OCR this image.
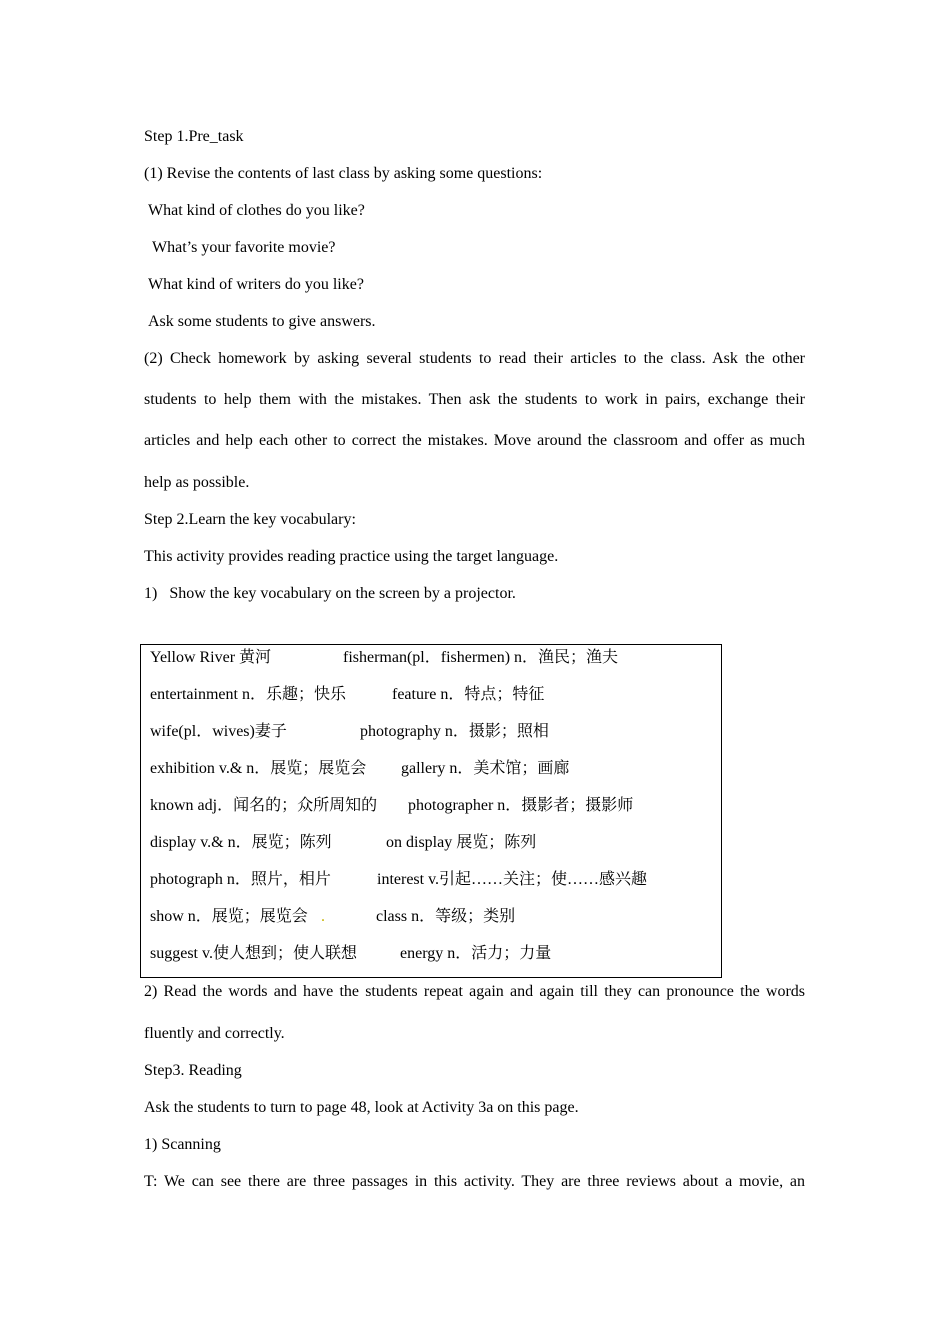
Step 1.Pre_task
(1) Revise the contents of last class by asking some questions:
What kind of clothes do you like?
What’s your favorite movie?
What kind of writers do you like?
Ask some students to give answers.
(2) Check homework by asking several students to read their articles to the class. Ask the other
students to help them with the mistakes. Then ask the students to work in pairs, exchange their
articles and help each other to correct the mistakes. Move around the classroom and offer as much
help as possible.
Step 2.Learn the key vocabulary:
This activity provides reading practice using the target language.
1)   Show the key vocabulary on the screen by a projector.
Yellow River 黄河	fisherman(pl．fishermen) n．渔民；渔夫
entertainment n．乐趣；快乐	feature n．特点；特征
wife(pl．wives)妻子	photography n．摄影；照相
exhibition v.& n．展览；展览会 gallery n．美术馆；画廊
known adj．闻名的；众所周知的 photographer n．摄影者；摄影师
display v.& n．展览；陈列	on display 展览；陈列
photograph n．照片，相片	interest v.引起……关注；使……感兴趣
show n．展览；展览会 .	class n．等级；类别
suggest v.使人想到；使人联想	energy n．活力；力量
2) Read the words and have the students repeat again and again till they can pronounce the words
fluently and correctly.
Step3. Reading
Ask the students to turn to page 48, look at Activity 3a on this page.
1) Scanning
T: We can see there are three passages in this activity. They are three reviews about a movie, an
